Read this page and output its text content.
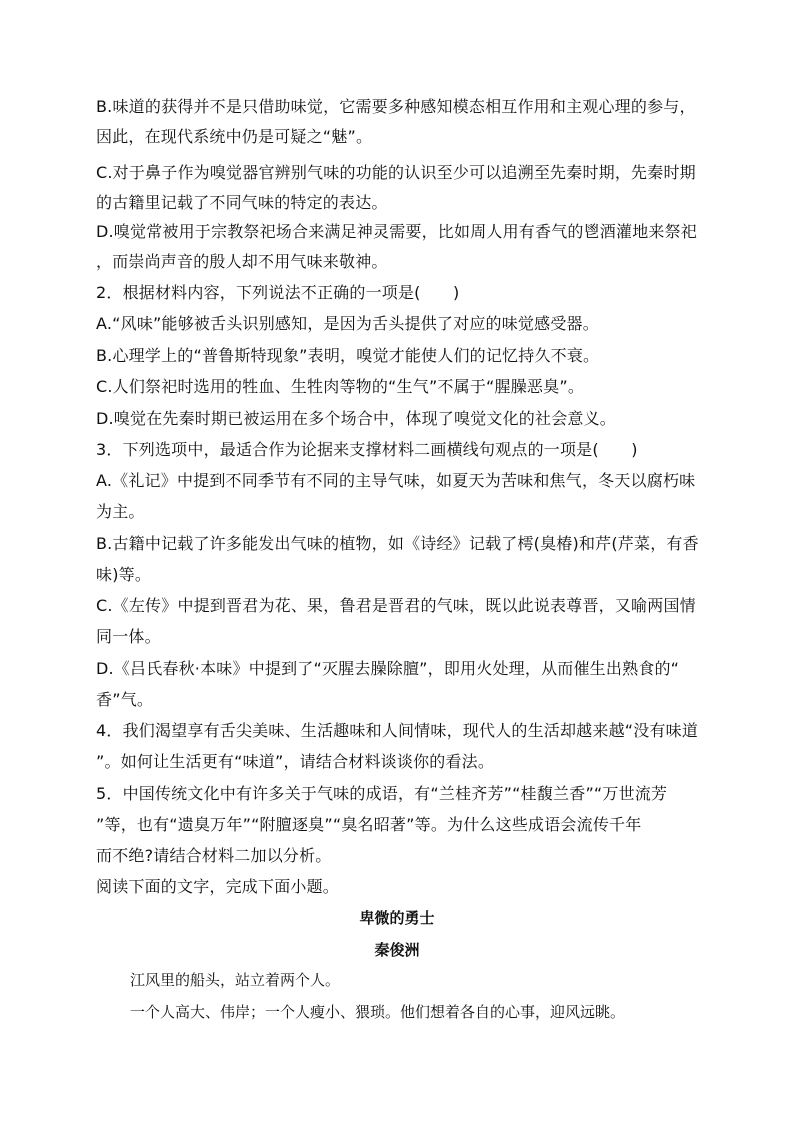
B.味道的获得并不是只借助味觉，它需要多种感知模态相互作用和主观心理的参与，
因此，在现代系统中仍是可疑之“魅”。
C.对于鼻子作为嗅觉器官辨别气味的功能的认识至少可以追溯至先秦时期，先秦时期
的古籍里记载了不同气味的特定的表达。
D.嗅觉常被用于宗教祭祀场合来满足神灵需要，比如周人用有香气的鬯酒灌地来祭祀
，而崇尚声音的殷人却不用气味来敬神。
2．根据材料内容，下列说法不正确的一项是(　　)
A.“风味”能够被舌头识别感知，是因为舌头提供了对应的味觉感受器。
B.心理学上的“普鲁斯特现象”表明，嗅觉才能使人们的记忆持久不衰。
C.人们祭祀时选用的牲血、生牲肉等物的“生气”不属于“腥臊恶臭”。
D.嗅觉在先秦时期已被运用在多个场合中，体现了嗅觉文化的社会意义。
3．下列选项中，最适合作为论据来支撑材料二画横线句观点的一项是(　　)
A.《礼记》中提到不同季节有不同的主导气味，如夏天为苦味和焦气，冬天以腐朽味
为主。
B.古籍中记载了许多能发出气味的植物，如《诗经》记载了樗(臭椿)和芹(芹菜，有香
味)等。
C.《左传》中提到晋君为花、果，鲁君是晋君的气味，既以此说表尊晋，又喻两国情
同一体。
D.《吕氏春秋·本味》中提到了“灭腥去臊除膻”，即用火处理，从而催生出熟食的“
香”气。
4．我们渴望享有舌尖美味、生活趣味和人间情味，现代人的生活却越来越“没有味道
”。如何让生活更有“味道”，请结合材料谈谈你的看法。
5．中国传统文化中有许多关于气味的成语，有“兰桂齐芳”“桂馥兰香”“万世流芳
”等，也有“遗臭万年”“附膻逐臭”“臭名昭著”等。为什么这些成语会流传千年
而不绝?请结合材料二加以分析。
阅读下面的文字，完成下面小题。
卑微的勇士
秦俊洲
江风里的船头，站立着两个人。
一个人高大、伟岸；一个人瘦小、猥琐。他们想着各自的心事，迎风远眺。
